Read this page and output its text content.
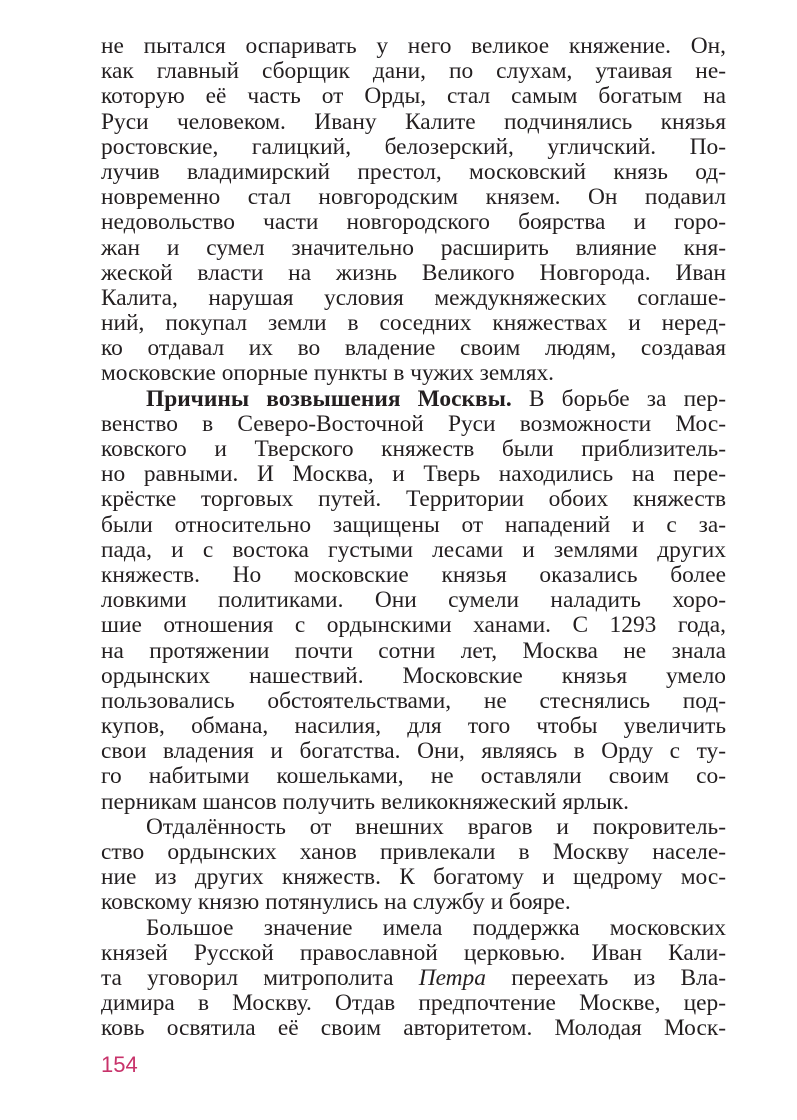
не пытался оспаривать у него великое княжение. Он,
как главный сборщик дани, по слухам, утаивая не-
которую её часть от Орды, стал самым богатым на
Руси человеком. Ивану Калите подчинялись князья
ростовские, галицкий, белозерский, угличский. По-
лучив владимирский престол, московский князь од-
новременно стал новгородским князем. Он подавил
недовольство части новгородского боярства и горо-
жан и сумел значительно расширить влияние кня-
жеской власти на жизнь Великого Новгорода. Иван
Калита, нарушая условия междукняжеских соглаше-
ний, покупал земли в соседних княжествах и неред-
ко отдавал их во владение своим людям, создавая
московские опорные пункты в чужих землях.
Причины возвышения Москвы. В борьбе за пер-
венство в Северо-Восточной Руси возможности Мос-
ковского и Тверского княжеств были приблизитель-
но равными. И Москва, и Тверь находились на пере-
крёстке торговых путей. Территории обоих княжеств
были относительно защищены от нападений и с за-
пада, и с востока густыми лесами и землями других
княжеств. Но московские князья оказались более
ловкими политиками. Они сумели наладить хоро-
шие отношения с ордынскими ханами. С 1293 года,
на протяжении почти сотни лет, Москва не знала
ордынских нашествий. Московские князья умело
пользовались обстоятельствами, не стеснялись под-
купов, обмана, насилия, для того чтобы увеличить
свои владения и богатства. Они, являясь в Орду с ту-
го набитыми кошельками, не оставляли своим со-
перникам шансов получить великокняжеский ярлык.
Отдалённость от внешних врагов и покровитель-
ство ордынских ханов привлекали в Москву населе-
ние из других княжеств. К богатому и щедрому мос-
ковскому князю потянулись на службу и бояре.
Большое значение имела поддержка московских
князей Русской православной церковью. Иван Кали-
та уговорил митрополита Петра переехать из Вла-
димира в Москву. Отдав предпочтение Москве, цер-
ковь освятила её своим авторитетом. Молодая Моск-
154
